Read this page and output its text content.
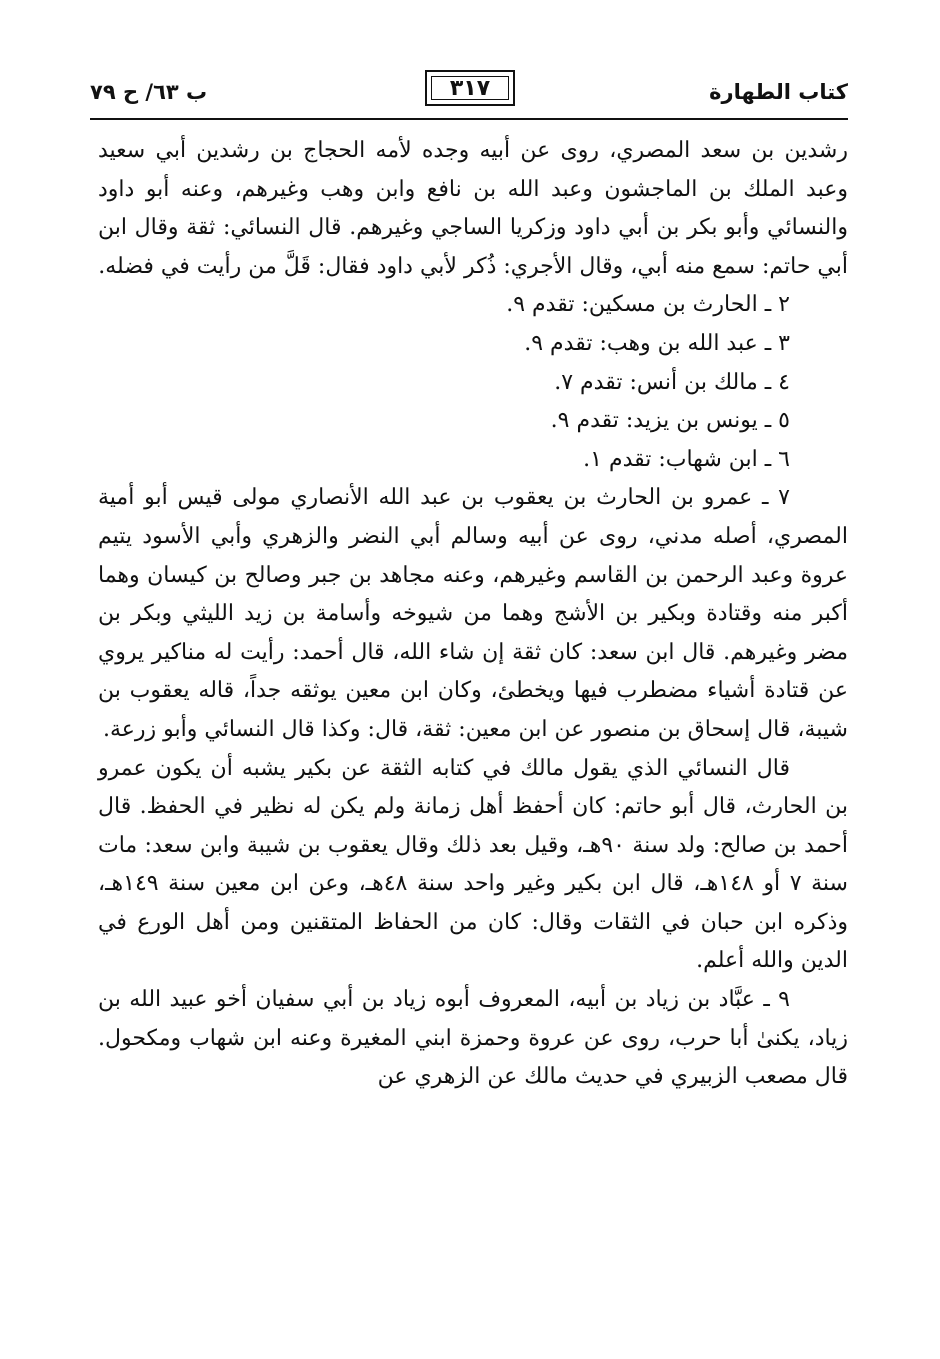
كتاب الطهارة
٣١٧
ب ٦٣/ ح ٧٩

رشدين بن سعد المصري، روى عن أبيه وجده لأمه الحجاج بن رشدين أبي سعيد وعبد الملك بن الماجشون وعبد الله بن نافع وابن وهب وغيرهم، وعنه أبو داود والنسائي وأبو بكر بن أبي داود وزكريا الساجي وغيرهم. قال النسائي: ثقة وقال ابن أبي حاتم: سمع منه أبي، وقال الأجري: ذُكر لأبي داود فقال: قَلَّ من رأيت في فضله.

٢ ـ الحارث بن مسكين: تقدم ٩.

٣ ـ عبد الله بن وهب: تقدم ٩.

٤ ـ مالك بن أنس: تقدم ٧.

٥ ـ يونس بن يزيد: تقدم ٩.

٦ ـ ابن شهاب: تقدم ١.

٧ ـ عمرو بن الحارث بن يعقوب بن عبد الله الأنصاري مولى قيس أبو أمية المصري، أصله مدني، روى عن أبيه وسالم أبي النضر والزهري وأبي الأسود يتيم عروة وعبد الرحمن بن القاسم وغيرهم، وعنه مجاهد بن جبر وصالح بن كيسان وهما أكبر منه وقتادة وبكير بن الأشج وهما من شيوخه وأسامة بن زيد الليثي وبكر بن مضر وغيرهم. قال ابن سعد: كان ثقة إن شاء الله، قال أحمد: رأيت له مناكير يروي عن قتادة أشياء مضطرب فيها ويخطئ، وكان ابن معين يوثقه جداً، قاله يعقوب بن شيبة، قال إسحاق بن منصور عن ابن معين: ثقة، قال: وكذا قال النسائي وأبو زرعة.

قال النسائي الذي يقول مالك في كتابه الثقة عن بكير يشبه أن يكون عمرو بن الحارث، قال أبو حاتم: كان أحفظ أهل زمانة ولم يكن له نظير في الحفظ. قال أحمد بن صالح: ولد سنة ٩٠هـ، وقيل بعد ذلك وقال يعقوب بن شيبة وابن سعد: مات سنة ٧ أو ١٤٨هـ، قال ابن بكير وغير واحد سنة ٤٨هـ، وعن ابن معين سنة ١٤٩هـ، وذكره ابن حبان في الثقات وقال: كان من الحفاظ المتقنين ومن أهل الورع في الدين والله أعلم.

٩ ـ عبَّاد بن زياد بن أبيه، المعروف أبوه زياد بن أبي سفيان أخو عبيد الله بن زياد، يكنىٰ أبا حرب، روى عن عروة وحمزة ابني المغيرة وعنه ابن شهاب ومكحول. قال مصعب الزبيري في حديث مالك عن الزهري عن
